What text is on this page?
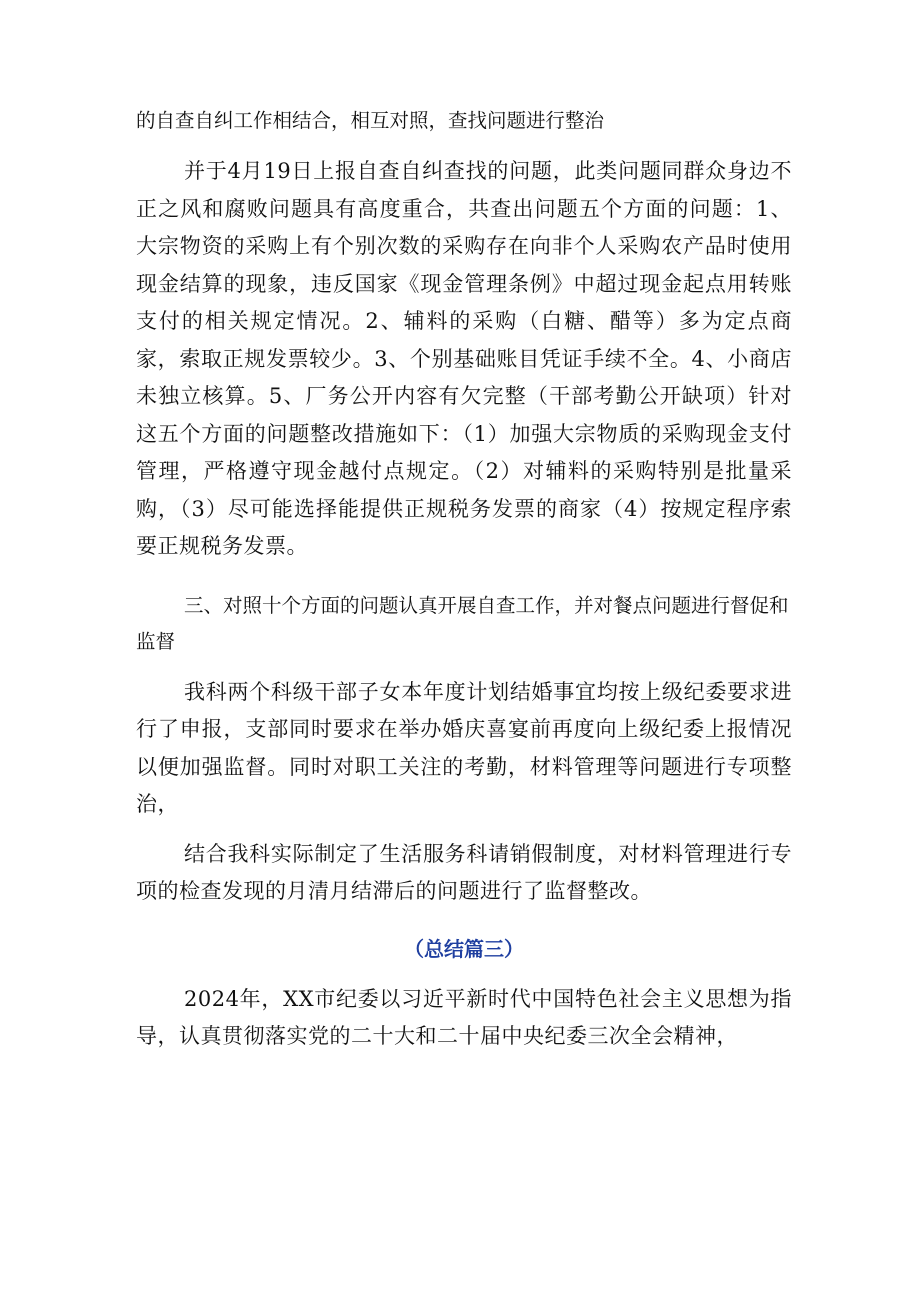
的自查自纠工作相结合，相互对照，查找问题进行整治

并于4月19日上报自查自纠查找的问题，此类问题同群众身边不正之风和腐败问题具有高度重合，共查出问题五个方面的问题：1、大宗物资的采购上有个别次数的采购存在向非个人采购农产品时使用现金结算的现象，违反国家《现金管理条例》中超过现金起点用转账支付的相关规定情况。2、辅料的采购（白糖、醋等）多为定点商家，索取正规发票较少。3、个别基础账目凭证手续不全。4、小商店未独立核算。5、厂务公开内容有欠完整（干部考勤公开缺项）针对这五个方面的问题整改措施如下：（1）加强大宗物质的采购现金支付管理，严格遵守现金越付点规定。（2）对辅料的采购特别是批量采购，（3）尽可能选择能提供正规税务发票的商家（4）按规定程序索要正规税务发票。

三、对照十个方面的问题认真开展自查工作，并对餐点问题进行督促和监督

我科两个科级干部子女本年度计划结婚事宜均按上级纪委要求进行了申报，支部同时要求在举办婚庆喜宴前再度向上级纪委上报情况以便加强监督。同时对职工关注的考勤，材料管理等问题进行专项整治，

结合我科实际制定了生活服务科请销假制度，对材料管理进行专项的检查发现的月清月结滞后的问题进行了监督整改。

（总结篇三）

2024年，XX市纪委以习近平新时代中国特色社会主义思想为指导，认真贯彻落实党的二十大和二十届中央纪委三次全会精神，
